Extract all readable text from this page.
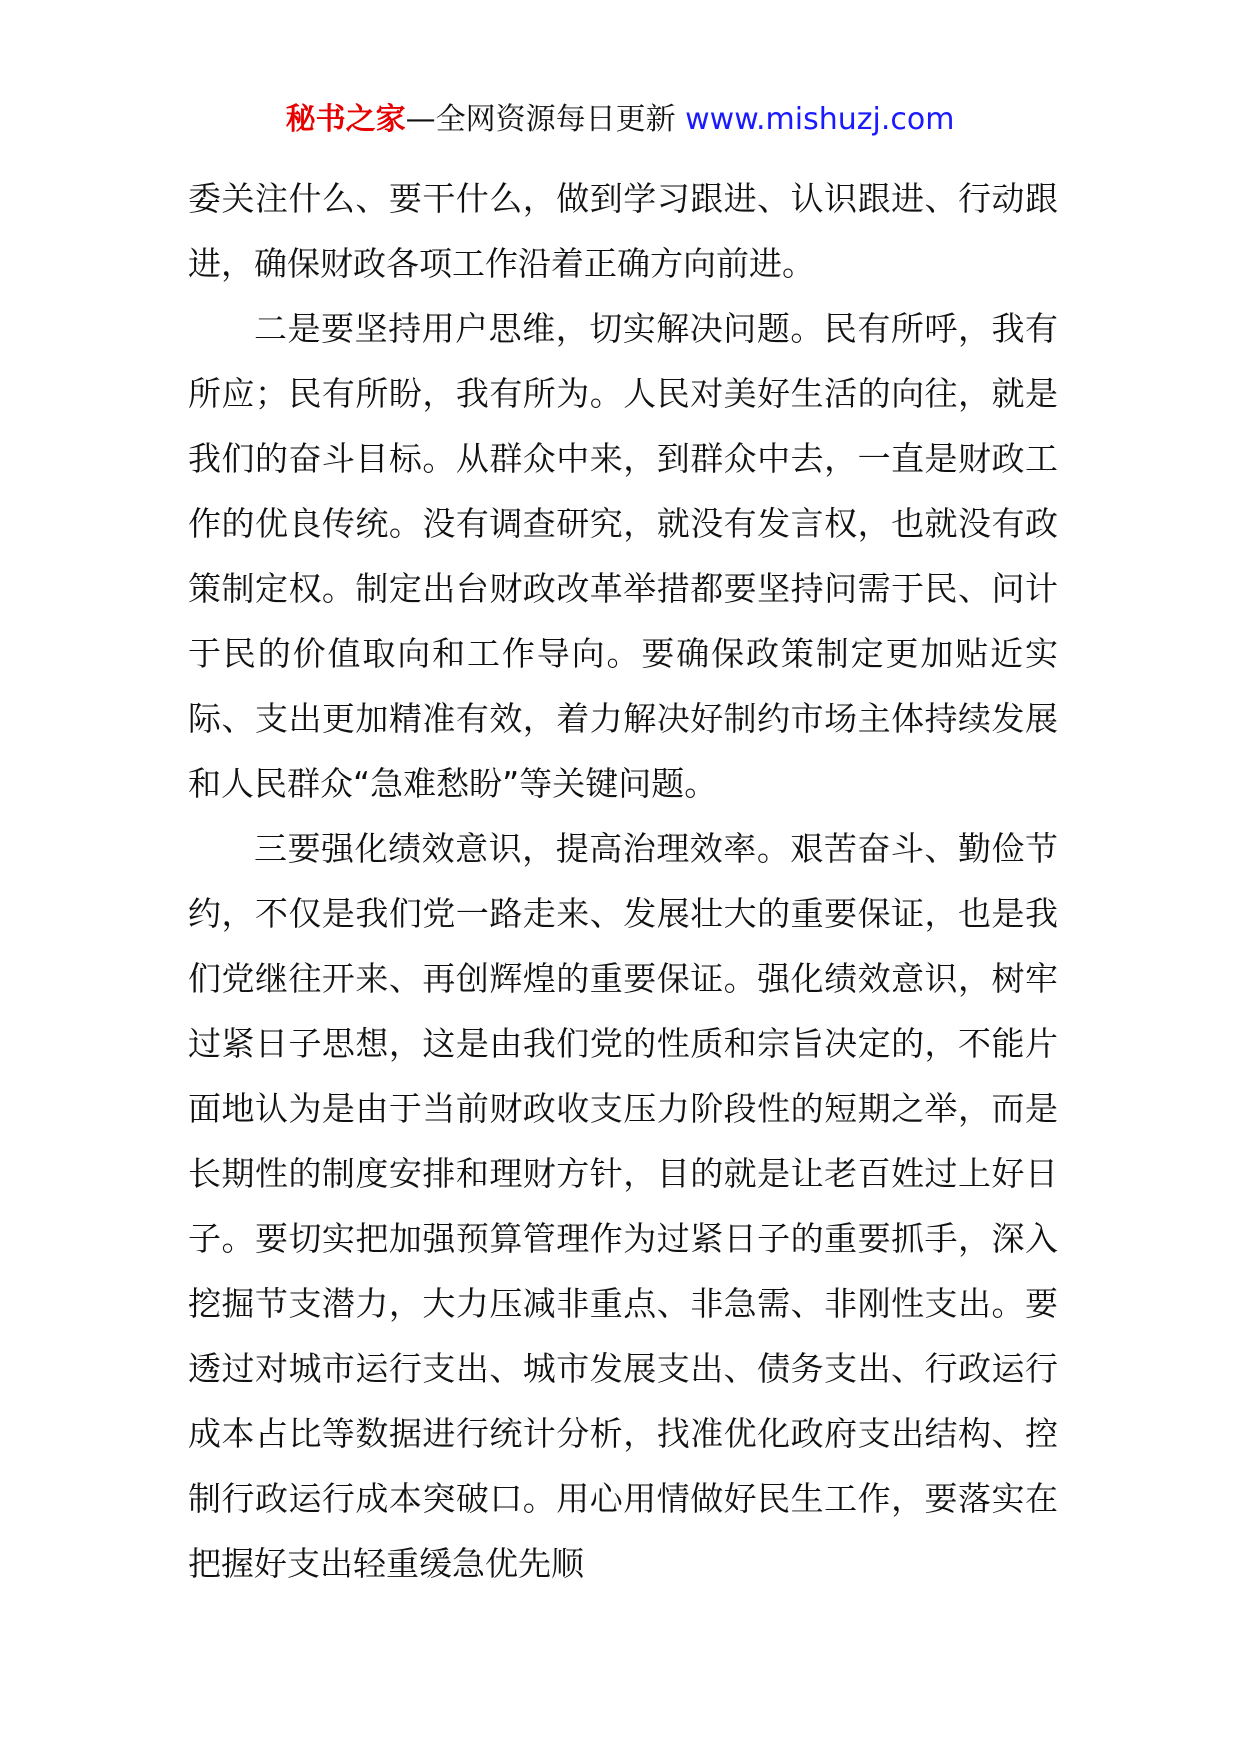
秘书之家—全网资源每日更新 www.mishuzj.com

委关注什么、要干什么，做到学习跟进、认识跟进、行动跟进，确保财政各项工作沿着正确方向前进。

二是要坚持用户思维，切实解决问题。民有所呼，我有所应；民有所盼，我有所为。人民对美好生活的向往，就是我们的奋斗目标。从群众中来，到群众中去，一直是财政工作的优良传统。没有调查研究，就没有发言权，也就没有政策制定权。制定出台财政改革举措都要坚持问需于民、问计于民的价值取向和工作导向。要确保政策制定更加贴近实际、支出更加精准有效，着力解决好制约市场主体持续发展和人民群众“急难愁盼”等关键问题。

三要强化绩效意识，提高治理效率。艰苦奋斗、勤俭节约，不仅是我们党一路走来、发展壮大的重要保证，也是我们党继往开来、再创辉煌的重要保证。强化绩效意识，树牢过紧日子思想，这是由我们党的性质和宗旨决定的，不能片面地认为是由于当前财政收支压力阶段性的短期之举，而是长期性的制度安排和理财方针，目的就是让老百姓过上好日子。要切实把加强预算管理作为过紧日子的重要抓手，深入挖掘节支潜力，大力压减非重点、非急需、非刚性支出。要透过对城市运行支出、城市发展支出、债务支出、行政运行成本占比等数据进行统计分析，找准优化政府支出结构、控制行政运行成本突破口。用心用情做好民生工作，要落实在把握好支出轻重缓急优先顺
